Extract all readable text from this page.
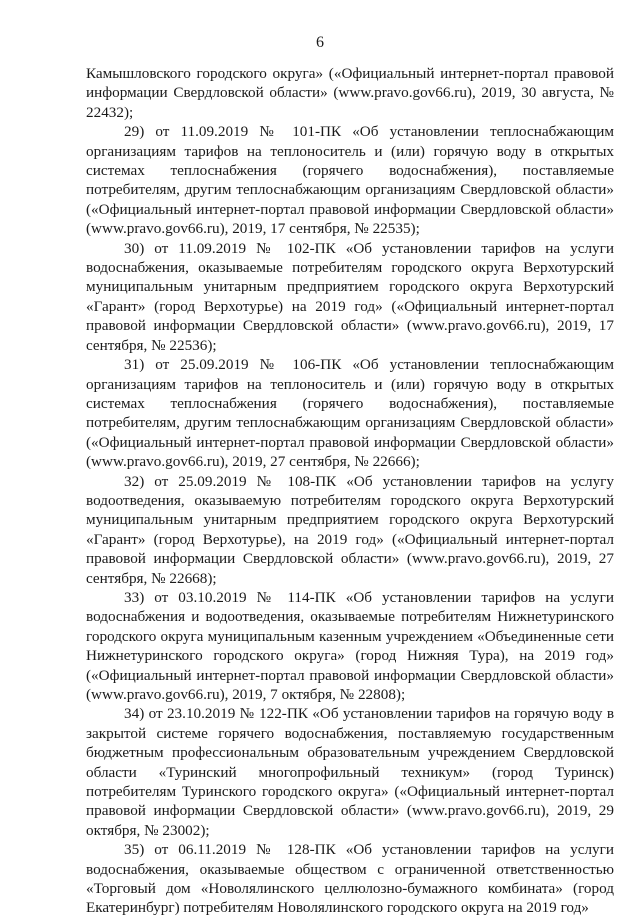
6

Камышловского городского округа» («Официальный интернет-портал правовой информации Свердловской области» (www.pravo.gov66.ru), 2019, 30 августа, № 22432);

29) от 11.09.2019 № 101-ПК «Об установлении теплоснабжающим организациям тарифов на теплоноситель и (или) горячую воду в открытых системах теплоснабжения (горячего водоснабжения), поставляемые потребителям, другим теплоснабжающим организациям Свердловской области» («Официальный интернет-портал правовой информации Свердловской области» (www.pravo.gov66.ru), 2019, 17 сентября, № 22535);

30) от 11.09.2019 № 102-ПК «Об установлении тарифов на услуги водоснабжения, оказываемые потребителям городского округа Верхотурский муниципальным унитарным предприятием городского округа Верхотурский «Гарант» (город Верхотурье) на 2019 год» («Официальный интернет-портал правовой информации Свердловской области» (www.pravo.gov66.ru), 2019, 17 сентября, № 22536);

31) от 25.09.2019 № 106-ПК «Об установлении теплоснабжающим организациям тарифов на теплоноситель и (или) горячую воду в открытых системах теплоснабжения (горячего водоснабжения), поставляемые потребителям, другим теплоснабжающим организациям Свердловской области» («Официальный интернет-портал правовой информации Свердловской области» (www.pravo.gov66.ru), 2019, 27 сентября, № 22666);

32) от 25.09.2019 № 108-ПК «Об установлении тарифов на услугу водоотведения, оказываемую потребителям городского округа Верхотурский муниципальным унитарным предприятием городского округа Верхотурский «Гарант» (город Верхотурье), на 2019 год» («Официальный интернет-портал правовой информации Свердловской области» (www.pravo.gov66.ru), 2019, 27 сентября, № 22668);

33) от 03.10.2019 № 114-ПК «Об установлении тарифов на услуги водоснабжения и водоотведения, оказываемые потребителям Нижнетуринского городского округа муниципальным казенным учреждением «Объединенные сети Нижнетуринского городского округа» (город Нижняя Тура), на 2019 год» («Официальный интернет-портал правовой информации Свердловской области» (www.pravo.gov66.ru), 2019, 7 октября, № 22808);

34) от 23.10.2019 № 122-ПК «Об установлении тарифов на горячую воду в закрытой системе горячего водоснабжения, поставляемую государственным бюджетным профессиональным образовательным учреждением Свердловской области «Туринский многопрофильный техникум» (город Туринск) потребителям Туринского городского округа» («Официальный интернет-портал правовой информации Свердловской области» (www.pravo.gov66.ru), 2019, 29 октября, № 23002);

35) от 06.11.2019 № 128-ПК «Об установлении тарифов на услуги водоснабжения, оказываемые обществом с ограниченной ответственностью «Торговый дом «Новолялинского целлюлозно-бумажного комбината» (город Екатеринбург) потребителям Новолялинского городского округа на 2019 год»
